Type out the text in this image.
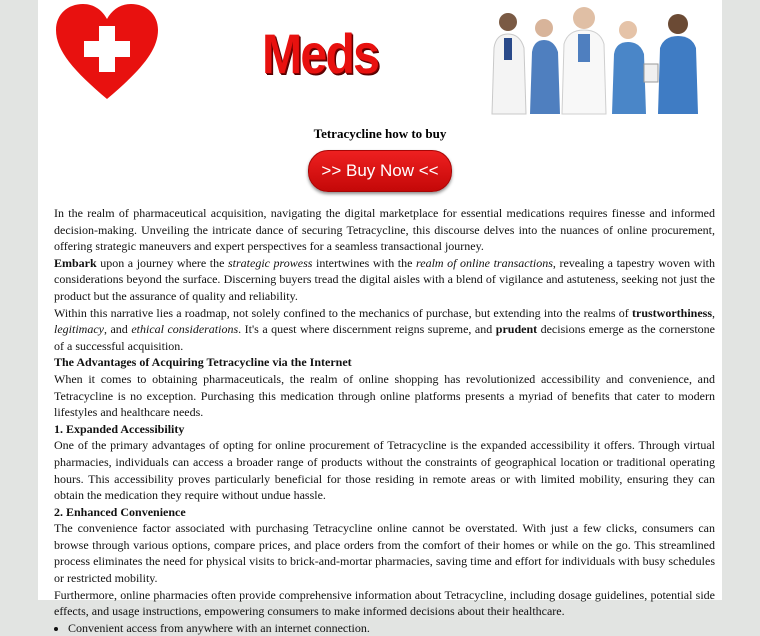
Meds
Tetracycline how to buy
>> Buy Now <<

In the realm of pharmaceutical acquisition, navigating the digital marketplace for essential medications requires finesse and informed decision-making. Unveiling the intricate dance of securing Tetracycline, this discourse delves into the nuances of online procurement, offering strategic maneuvers and expert perspectives for a seamless transactional journey.

Embark upon a journey where the strategic prowess intertwines with the realm of online transactions, revealing a tapestry woven with considerations beyond the surface. Discerning buyers tread the digital aisles with a blend of vigilance and astuteness, seeking not just the product but the assurance of quality and reliability.

Within this narrative lies a roadmap, not solely confined to the mechanics of purchase, but extending into the realms of trustworthiness, legitimacy, and ethical considerations. It's a quest where discernment reigns supreme, and prudent decisions emerge as the cornerstone of a successful acquisition.

The Advantages of Acquiring Tetracycline via the Internet

When it comes to obtaining pharmaceuticals, the realm of online shopping has revolutionized accessibility and convenience, and Tetracycline is no exception. Purchasing this medication through online platforms presents a myriad of benefits that cater to modern lifestyles and healthcare needs.

1. Expanded Accessibility

One of the primary advantages of opting for online procurement of Tetracycline is the expanded accessibility it offers. Through virtual pharmacies, individuals can access a broader range of products without the constraints of geographical location or traditional operating hours. This accessibility proves particularly beneficial for those residing in remote areas or with limited mobility, ensuring they can obtain the medication they require without undue hassle.

2. Enhanced Convenience

The convenience factor associated with purchasing Tetracycline online cannot be overstated. With just a few clicks, consumers can browse through various options, compare prices, and place orders from the comfort of their homes or while on the go. This streamlined process eliminates the need for physical visits to brick-and-mortar pharmacies, saving time and effort for individuals with busy schedules or restricted mobility.

Furthermore, online pharmacies often provide comprehensive information about Tetracycline, including dosage guidelines, potential side effects, and usage instructions, empowering consumers to make informed decisions about their healthcare.

• Convenient access from anywhere with an internet connection.
